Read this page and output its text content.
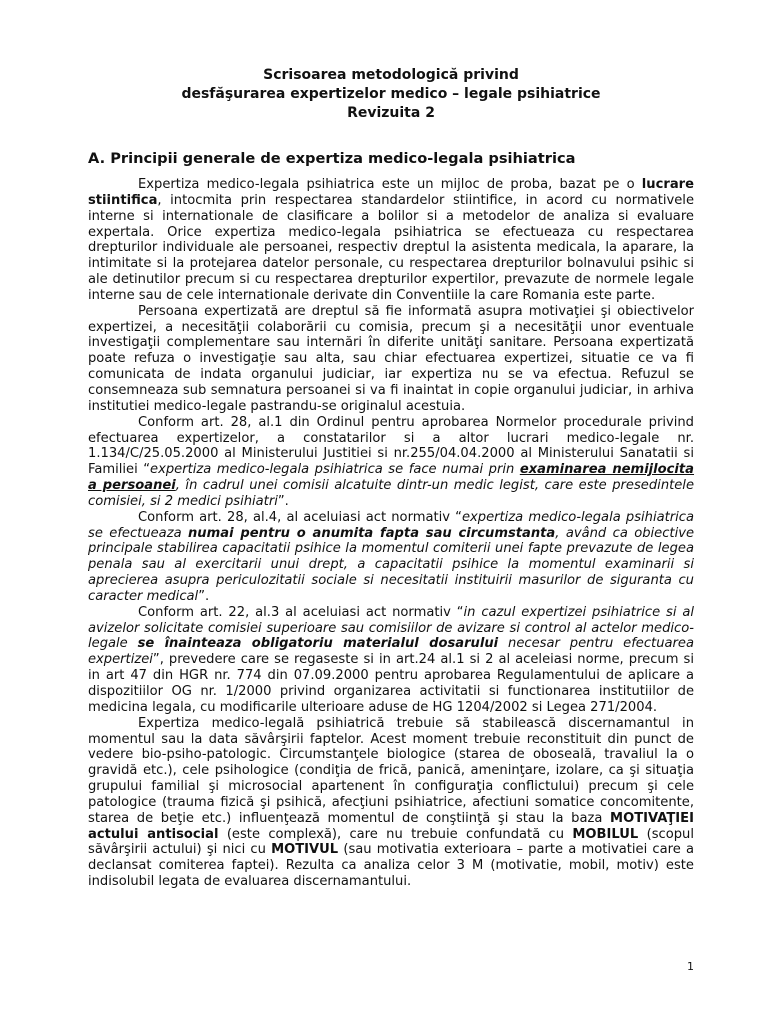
Scrisoarea metodologică privind
desfăşurarea expertizelor medico – legale psihiatrice
Revizuita 2
A. Principii generale de expertiza medico-legala psihiatrica

Expertiza medico-legala psihiatrica este un mijloc de proba, bazat pe o lucrare stiintifica, intocmita prin respectarea standardelor stiintifice, in acord cu normativele interne si internationale de clasificare a bolilor si a metodelor de analiza si evaluare expertala. Orice expertiza medico-legala psihiatrica se efectueaza cu respectarea drepturilor individuale ale persoanei, respectiv dreptul la asistenta medicala, la aparare, la intimitate si la protejarea datelor personale, cu respectarea drepturilor bolnavului psihic si ale detinutilor precum si cu respectarea drepturilor expertilor, prevazute de normele legale interne sau de cele internationale derivate din Conventiile la care Romania este parte.

Persoana expertizată are dreptul să fie informată asupra motivaţiei şi obiectivelor expertizei, a necesităţii colaborării cu comisia, precum şi a necesităţii unor eventuale investigaţii complementare sau internări în diferite unităţi sanitare. Persoana expertizată poate refuza o investigaţie sau alta, sau chiar efectuarea expertizei, situatie ce va fi comunicata de indata organului judiciar, iar expertiza nu se va efectua. Refuzul se consemneaza sub semnatura persoanei si va fi inaintat in copie organului judiciar, in arhiva institutiei medico-legale pastrandu-se originalul acestuia.

Conform art. 28, al.1 din Ordinul pentru aprobarea Normelor procedurale privind efectuarea expertizelor, a constatarilor si a altor lucrari medico-legale nr. 1.134/C/25.05.2000 al Ministerului Justitiei si nr.255/04.04.2000 al Ministerului Sanatatii si Familiei “expertiza medico-legala psihiatrica se face numai prin examinarea nemijlocita a persoanei, în cadrul unei comisii alcatuite dintr-un medic legist, care este presedintele comisiei, si 2 medici psihiatri”.

Conform art. 28, al.4, al aceluiasi act normativ “expertiza medico-legala psihiatrica se efectueaza numai pentru o anumita fapta sau circumstanta, având ca obiective principale stabilirea capacitatii psihice la momentul comiterii unei fapte prevazute de legea penala sau al exercitarii unui drept, a capacitatii psihice la momentul examinarii si aprecierea asupra periculozitatii sociale si necesitatii instituirii masurilor de siguranta cu caracter medical”.

Conform art. 22, al.3 al aceluiasi act normativ “in cazul expertizei psihiatrice si al avizelor solicitate comisiei superioare sau comisiilor de avizare si control al actelor medico-legale se înainteaza obligatoriu materialul dosarului necesar pentru efectuarea expertizei”, prevedere care se regaseste si in art.24 al.1 si 2 al aceleiasi norme, precum si in art 47 din HGR nr. 774 din 07.09.2000 pentru aprobarea Regulamentului de aplicare a dispozitiilor OG nr. 1/2000 privind organizarea activitatii si functionarea institutiilor de medicina legala, cu modificarile ulterioare aduse de HG 1204/2002 si Legea 271/2004.

Expertiza medico-legală psihiatrică trebuie să stabilească discernamantul in momentul sau la data săvârşirii faptelor. Acest moment trebuie reconstituit din punct de vedere bio-psiho-patologic. Circumstanţele biologice (starea de oboseală, travaliul la o gravidă etc.), cele psihologice (condiţia de frică, panică, ameninţare, izolare, ca şi situaţia grupului familial şi microsocial apartenent în configuraţia conflictului) precum şi cele patologice (trauma fizică şi psihică, afecţiuni psihiatrice, afectiuni somatice concomitente, starea de beţie etc.) influenţează momentul de conştiinţă şi stau la baza MOTIVAŢIEI actului antisocial (este complexă), care nu trebuie confundată cu MOBILUL (scopul săvârşirii actului) şi nici cu MOTIVUL (sau motivatia exterioara – parte a motivatiei care a declansat comiterea faptei). Rezulta ca analiza celor 3 M (motivatie, mobil, motiv) este indisolubil legata de evaluarea discernamantului.

1
